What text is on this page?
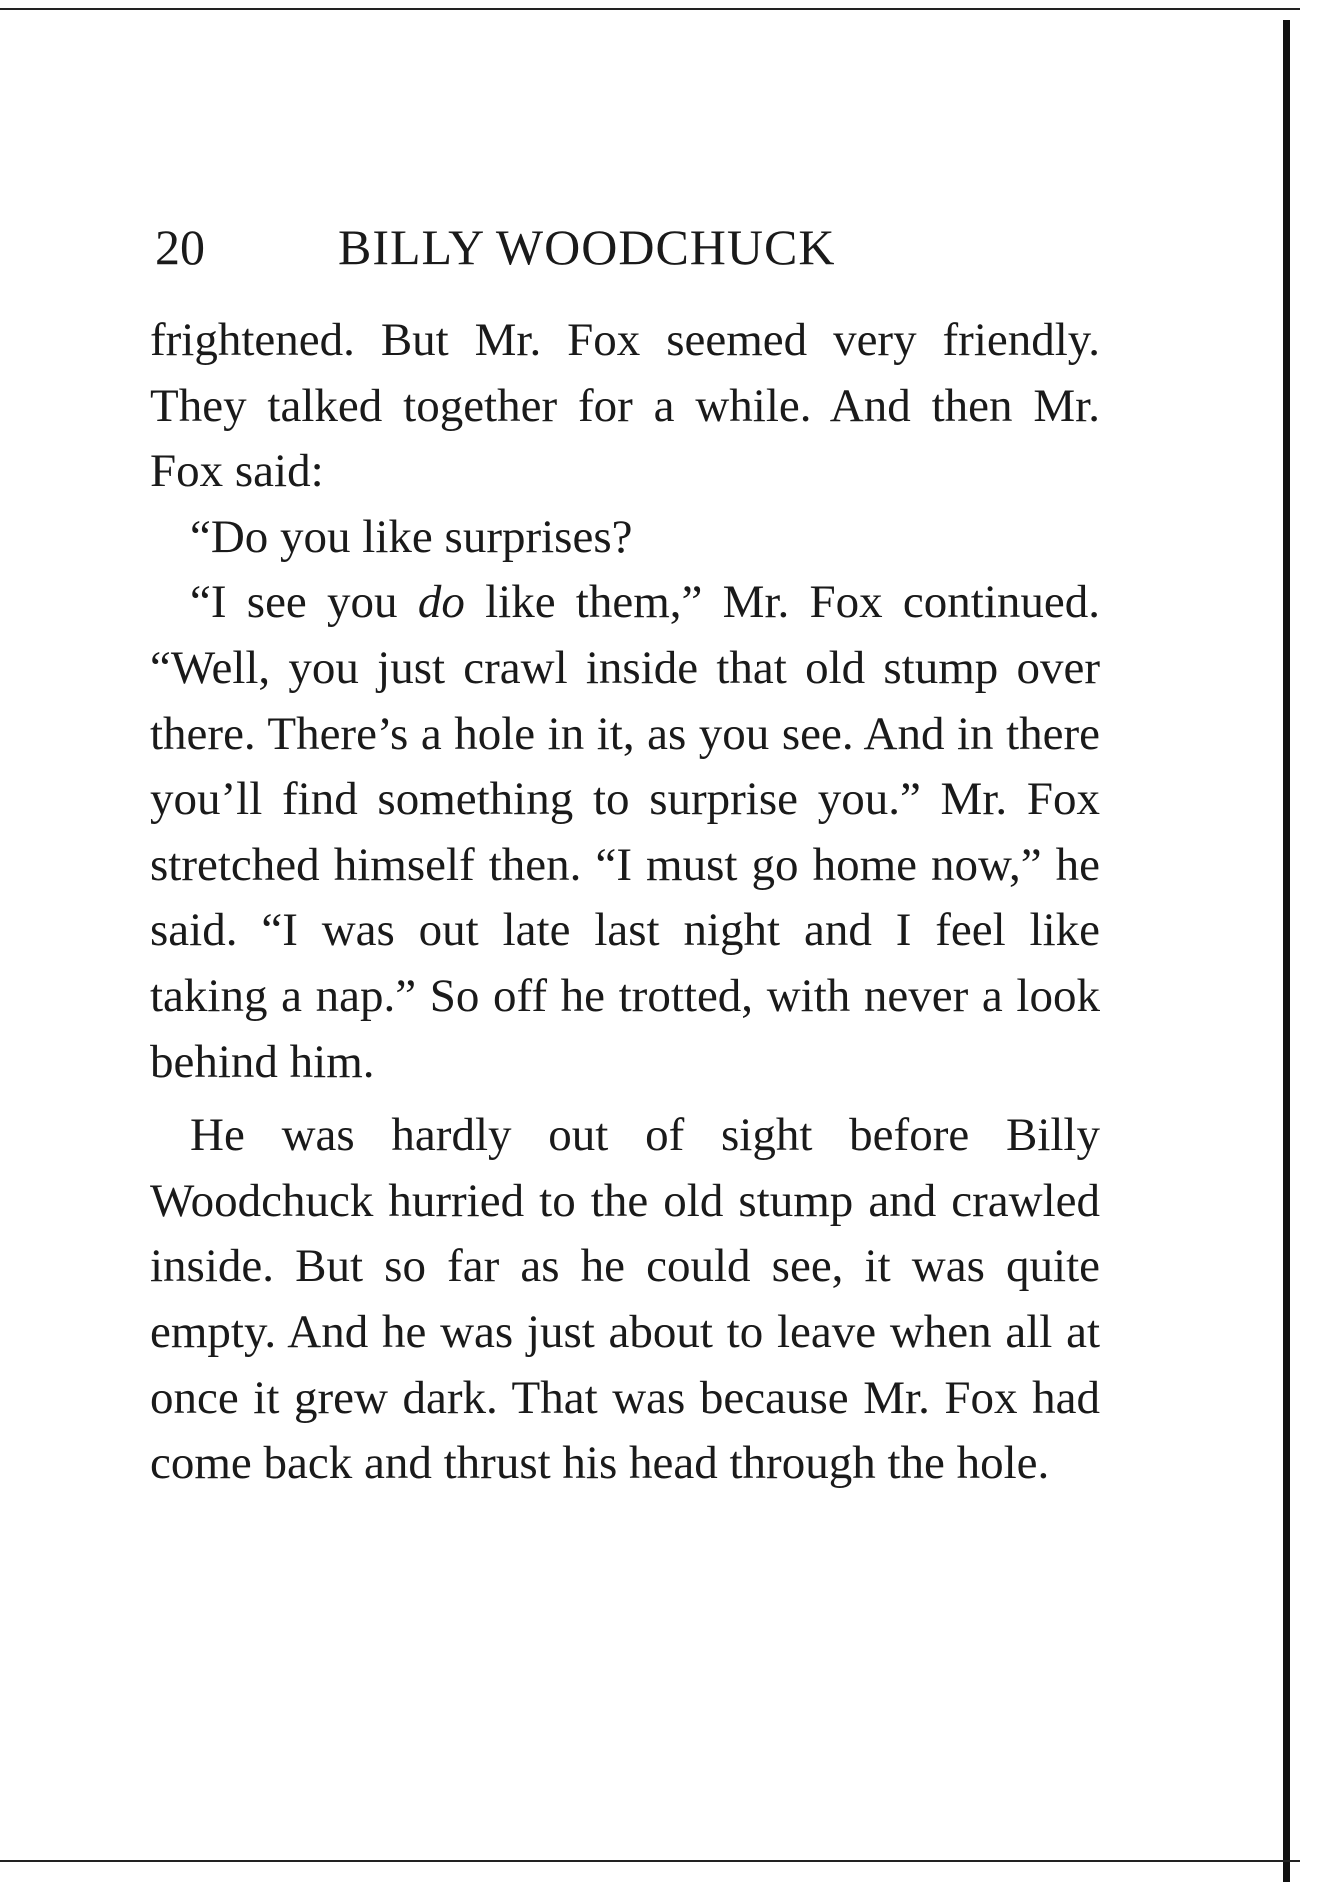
20	BILLY WOODCHUCK

frightened. But Mr. Fox seemed very friendly. They talked together for a while. And then Mr. Fox said:

“Do you like surprises?

“I see you do like them,” Mr. Fox continued. “Well, you just crawl inside that old stump over there. There’s a hole in it, as you see. And in there you’ll find something to surprise you.” Mr. Fox stretched himself then. “I must go home now,” he said. “I was out late last night and I feel like taking a nap.” So off he trotted, with never a look behind him.

He was hardly out of sight before Billy Woodchuck hurried to the old stump and crawled inside. But so far as he could see, it was quite empty. And he was just about to leave when all at once it grew dark. That was because Mr. Fox had come back and thrust his head through the hole.
